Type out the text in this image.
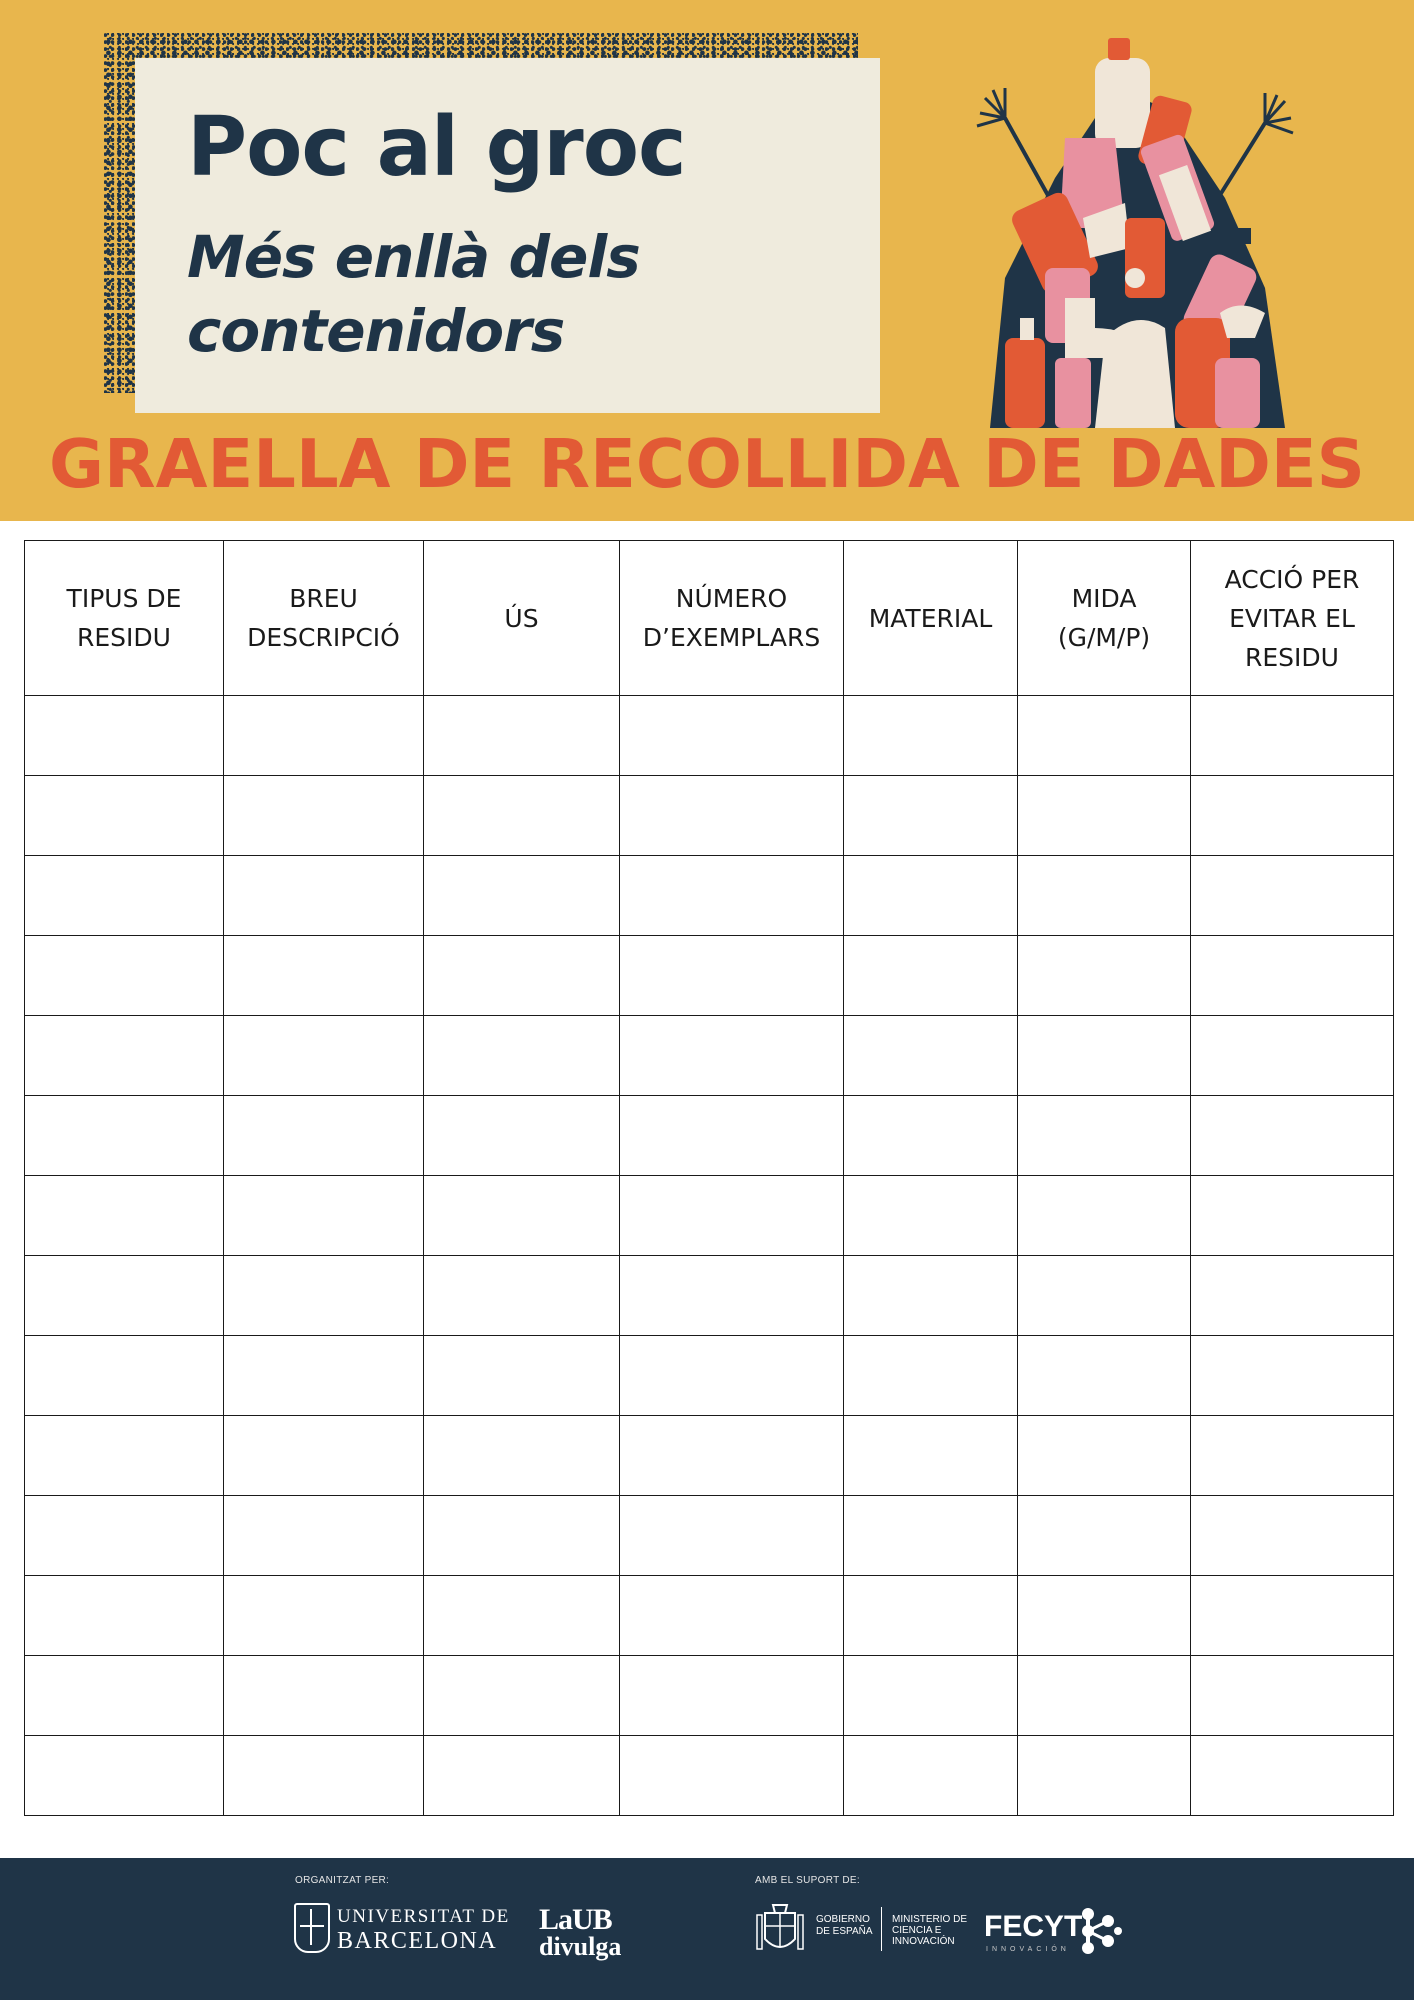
Poc al groc
Més enllà dels contenidors
GRAELLA DE RECOLLIDA DE DADES
TIPUS DE RESIDU	BREU DESCRIPCIÓ	ÚS	NÚMERO D’EXEMPLARS	MATERIAL	MIDA (G/M/P)	ACCIÓ PER EVITAR EL RESIDU

ORGANITZAT PER:	AMB EL SUPORT DE:
UNIVERSITAT DE
BARCELONA
LaUB
divulga
GOBIERNO DE ESPAÑA
MINISTERIO DE CIENCIA E INNOVACIÓN FECYT
INNOVACIÓN
